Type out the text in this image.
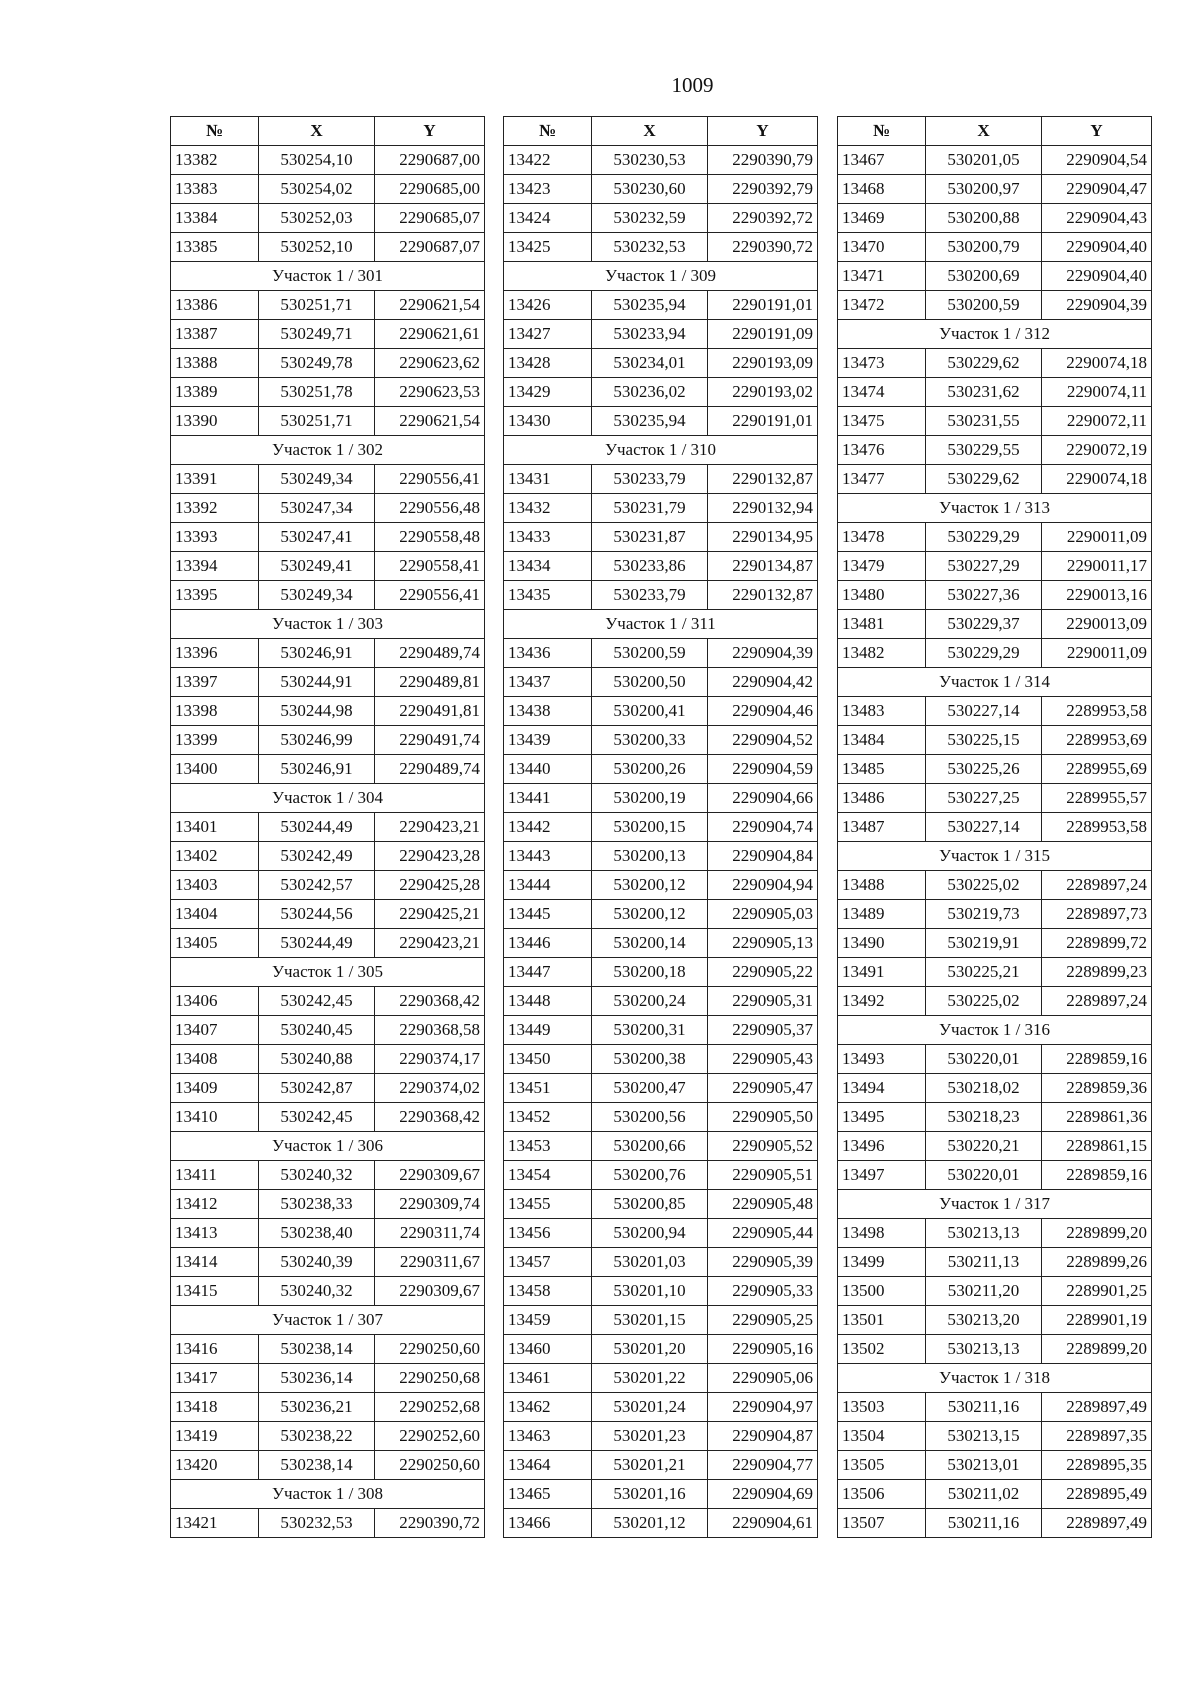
1009
№	X	Y
13382	530254,10	2290687,00
13383	530254,02	2290685,00
13384	530252,03	2290685,07
13385	530252,10	2290687,07
Участок 1 / 301		
13386	530251,71	2290621,54
13387	530249,71	2290621,61
13388	530249,78	2290623,62
13389	530251,78	2290623,53
13390	530251,71	2290621,54
Участок 1 / 302		
13391	530249,34	2290556,41
13392	530247,34	2290556,48
13393	530247,41	2290558,48
13394	530249,41	2290558,41
13395	530249,34	2290556,41
Участок 1 / 303		
13396	530246,91	2290489,74
13397	530244,91	2290489,81
13398	530244,98	2290491,81
13399	530246,99	2290491,74
13400	530246,91	2290489,74
Участок 1 / 304		
13401	530244,49	2290423,21
13402	530242,49	2290423,28
13403	530242,57	2290425,28
13404	530244,56	2290425,21
13405	530244,49	2290423,21
Участок 1 / 305		
13406	530242,45	2290368,42
13407	530240,45	2290368,58
13408	530240,88	2290374,17
13409	530242,87	2290374,02
13410	530242,45	2290368,42
Участок 1 / 306		
13411	530240,32	2290309,67
13412	530238,33	2290309,74
13413	530238,40	2290311,74
13414	530240,39	2290311,67
13415	530240,32	2290309,67
Участок 1 / 307		
13416	530238,14	2290250,60
13417	530236,14	2290250,68
13418	530236,21	2290252,68
13419	530238,22	2290252,60
13420	530238,14	2290250,60
Участок 1 / 308		
13421	530232,53	2290390,72
№	X	Y
13422	530230,53	2290390,79
13423	530230,60	2290392,79
13424	530232,59	2290392,72
13425	530232,53	2290390,72
Участок 1 / 309		
13426	530235,94	2290191,01
13427	530233,94	2290191,09
13428	530234,01	2290193,09
13429	530236,02	2290193,02
13430	530235,94	2290191,01
Участок 1 / 310		
13431	530233,79	2290132,87
13432	530231,79	2290132,94
13433	530231,87	2290134,95
13434	530233,86	2290134,87
13435	530233,79	2290132,87
Участок 1 / 311		
13436	530200,59	2290904,39
13437	530200,50	2290904,42
13438	530200,41	2290904,46
13439	530200,33	2290904,52
13440	530200,26	2290904,59
13441	530200,19	2290904,66
13442	530200,15	2290904,74
13443	530200,13	2290904,84
13444	530200,12	2290904,94
13445	530200,12	2290905,03
13446	530200,14	2290905,13
13447	530200,18	2290905,22
13448	530200,24	2290905,31
13449	530200,31	2290905,37
13450	530200,38	2290905,43
13451	530200,47	2290905,47
13452	530200,56	2290905,50
13453	530200,66	2290905,52
13454	530200,76	2290905,51
13455	530200,85	2290905,48
13456	530200,94	2290905,44
13457	530201,03	2290905,39
13458	530201,10	2290905,33
13459	530201,15	2290905,25
13460	530201,20	2290905,16
13461	530201,22	2290905,06
13462	530201,24	2290904,97
13463	530201,23	2290904,87
13464	530201,21	2290904,77
13465	530201,16	2290904,69
13466	530201,12	2290904,61
№	X	Y
13467	530201,05	2290904,54
13468	530200,97	2290904,47
13469	530200,88	2290904,43
13470	530200,79	2290904,40
13471	530200,69	2290904,40
13472	530200,59	2290904,39
Участок 1 / 312		
13473	530229,62	2290074,18
13474	530231,62	2290074,11
13475	530231,55	2290072,11
13476	530229,55	2290072,19
13477	530229,62	2290074,18
Участок 1 / 313		
13478	530229,29	2290011,09
13479	530227,29	2290011,17
13480	530227,36	2290013,16
13481	530229,37	2290013,09
13482	530229,29	2290011,09
Участок 1 / 314		
13483	530227,14	2289953,58
13484	530225,15	2289953,69
13485	530225,26	2289955,69
13486	530227,25	2289955,57
13487	530227,14	2289953,58
Участок 1 / 315		
13488	530225,02	2289897,24
13489	530219,73	2289897,73
13490	530219,91	2289899,72
13491	530225,21	2289899,23
13492	530225,02	2289897,24
Участок 1 / 316		
13493	530220,01	2289859,16
13494	530218,02	2289859,36
13495	530218,23	2289861,36
13496	530220,21	2289861,15
13497	530220,01	2289859,16
Участок 1 / 317		
13498	530213,13	2289899,20
13499	530211,13	2289899,26
13500	530211,20	2289901,25
13501	530213,20	2289901,19
13502	530213,13	2289899,20
Участок 1 / 318		
13503	530211,16	2289897,49
13504	530213,15	2289897,35
13505	530213,01	2289895,35
13506	530211,02	2289895,49
13507	530211,16	2289897,49
